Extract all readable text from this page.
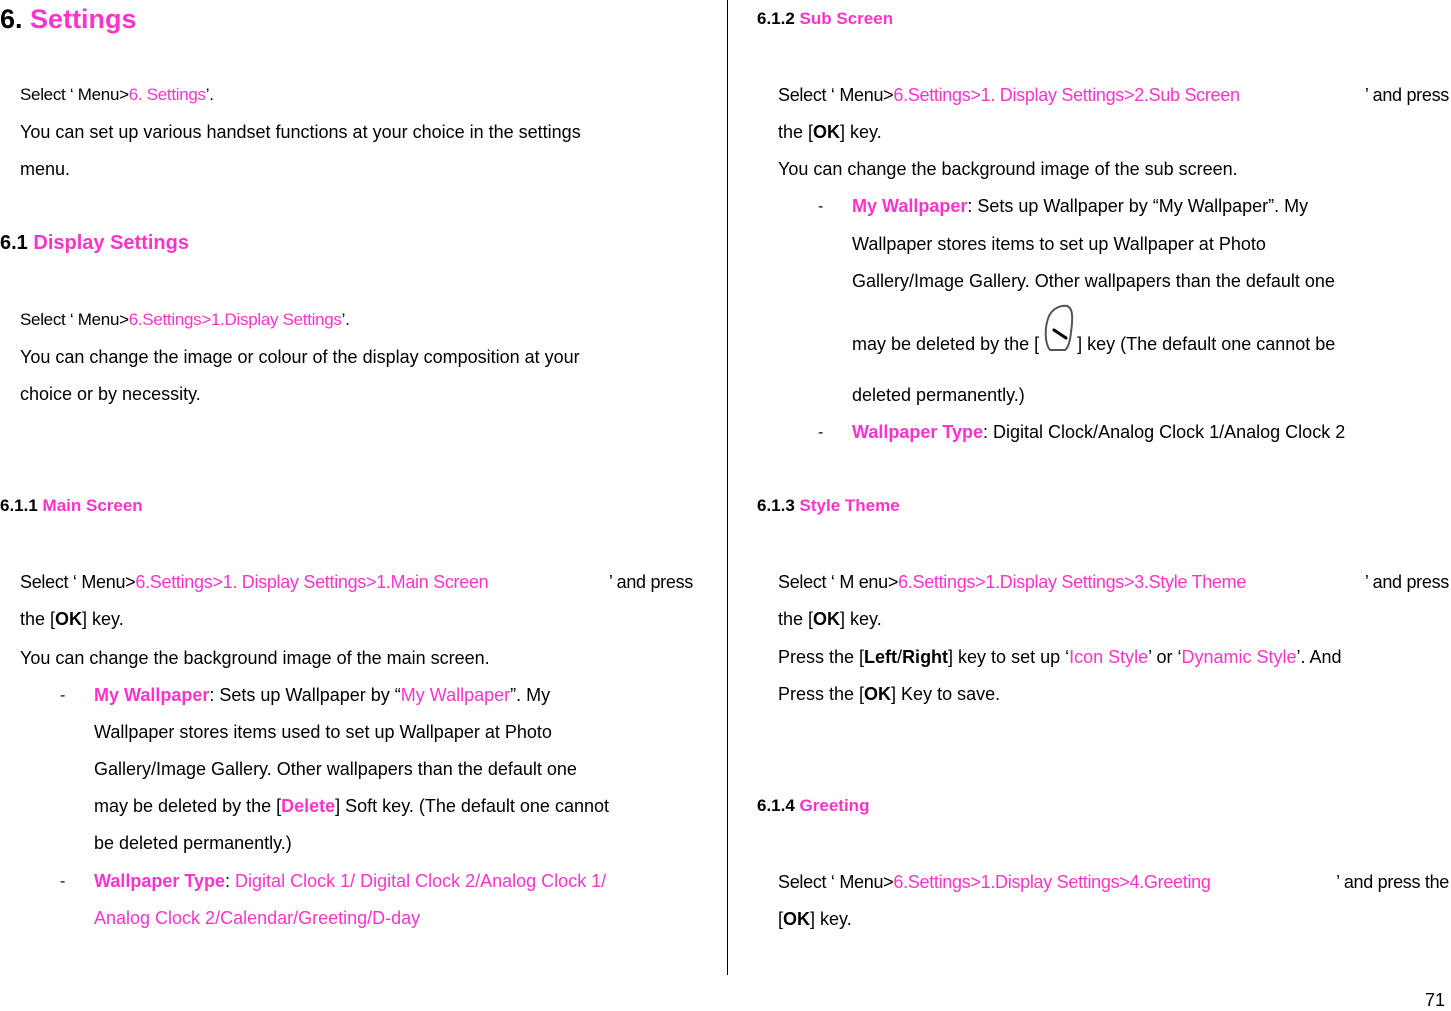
6. Settings
Select ‘ Menu>6. Settings’.
You can set up various handset functions at your choice in the settings
menu.
6.1 Display Settings
Select ‘ Menu>6.Settings>1.Display Settings’.
You can change the image or colour of the display composition at your
choice or by necessity.
6.1.1 Main Screen
Select ‘ Menu>6.Settings>1. Display Settings>1.Main Screen	’ and press
the [OK] key.
You can change the background image of the main screen.
- My Wallpaper: Sets up Wallpaper by “My Wallpaper”. My
Wallpaper stores items used to set up Wallpaper at Photo
Gallery/Image Gallery. Other wallpapers than the default one
may be deleted by the [Delete] Soft key. (The default one cannot
be deleted permanently.)
- Wallpaper Type: Digital Clock 1/ Digital Clock 2/Analog Clock 1/
Analog Clock 2/Calendar/Greeting/D-day
6.1.2 Sub Screen
Select ‘ Menu>6.Settings>1. Display Settings>2.Sub Screen	’ and press
the [OK] key.
You can change the background image of the sub screen.
- My Wallpaper: Sets up Wallpaper by “My Wallpaper”. My
Wallpaper stores items to set up Wallpaper at Photo
Gallery/Image Gallery. Other wallpapers than the default one
may be deleted by the [ ] key (The default one cannot be
deleted permanently.)
- Wallpaper Type: Digital Clock/Analog Clock 1/Analog Clock 2
6.1.3 Style Theme
Select ‘ M enu>6.Settings>1.Display Settings>3.Style Theme	’ and press
the [OK] key.
Press the [Left/Right] key to set up ‘Icon Style’ or ‘Dynamic Style’. And
Press the [OK] Key to save.
6.1.4 Greeting
Select ‘ Menu>6.Settings>1.Display Settings>4.Greeting	’ and press the
[OK] key.
71
